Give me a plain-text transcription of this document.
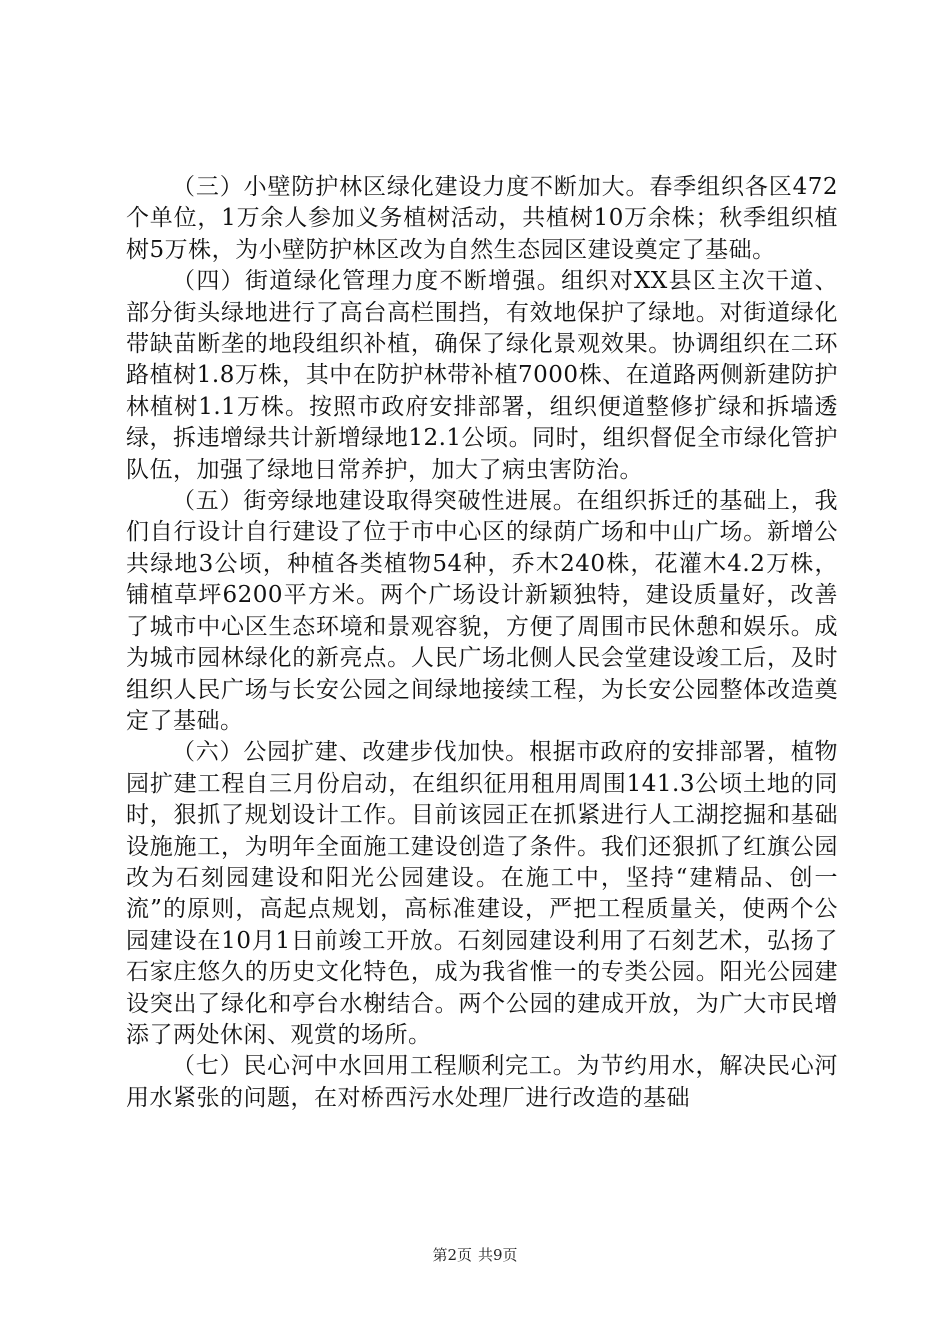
（三）小壁防护林区绿化建设力度不断加大。春季组织各区472个单位，1万余人参加义务植树活动，共植树10万余株；秋季组织植树5万株，为小壁防护林区改为自然生态园区建设奠定了基础。

（四）街道绿化管理力度不断增强。组织对XX县区主次干道、部分街头绿地进行了高台高栏围挡，有效地保护了绿地。对街道绿化带缺苗断垄的地段组织补植，确保了绿化景观效果。协调组织在二环路植树1.8万株，其中在防护林带补植7000株、在道路两侧新建防护林植树1.1万株。按照市政府安排部署，组织便道整修扩绿和拆墙透绿，拆违增绿共计新增绿地12.1公顷。同时，组织督促全市绿化管护队伍，加强了绿地日常养护，加大了病虫害防治。

（五）街旁绿地建设取得突破性进展。在组织拆迁的基础上，我们自行设计自行建设了位于市中心区的绿荫广场和中山广场。新增公共绿地3公顷，种植各类植物54种，乔木240株，花灌木4.2万株，铺植草坪6200平方米。两个广场设计新颖独特，建设质量好，改善了城市中心区生态环境和景观容貌，方便了周围市民休憩和娱乐。成为城市园林绿化的新亮点。人民广场北侧人民会堂建设竣工后，及时组织人民广场与长安公园之间绿地接续工程，为长安公园整体改造奠定了基础。

（六）公园扩建、改建步伐加快。根据市政府的安排部署，植物园扩建工程自三月份启动，在组织征用租用周围141.3公顷土地的同时，狠抓了规划设计工作。目前该园正在抓紧进行人工湖挖掘和基础设施施工，为明年全面施工建设创造了条件。我们还狠抓了红旗公园改为石刻园建设和阳光公园建设。在施工中，坚持“建精品、创一流”的原则，高起点规划，高标准建设，严把工程质量关，使两个公园建设在10月1日前竣工开放。石刻园建设利用了石刻艺术，弘扬了石家庄悠久的历史文化特色，成为我省惟一的专类公园。阳光公园建设突出了绿化和亭台水榭结合。两个公园的建成开放，为广大市民增添了两处休闲、观赏的场所。

（七）民心河中水回用工程顺利完工。为节约用水，解决民心河用水紧张的问题，在对桥西污水处理厂进行改造的基础

第2页 共9页
